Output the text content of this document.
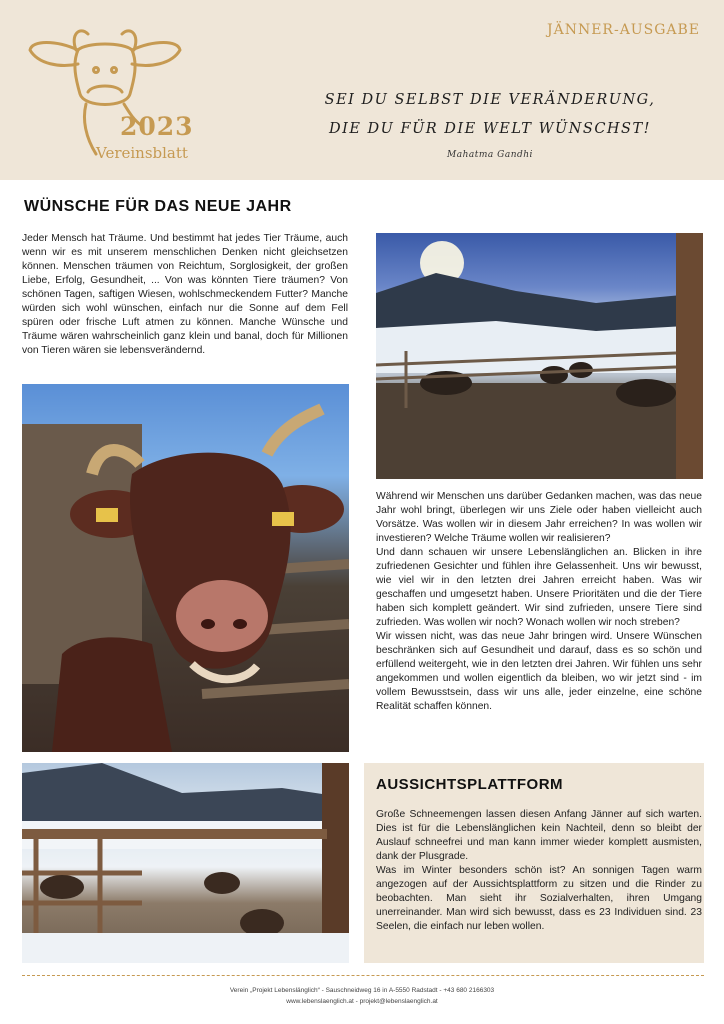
2023
Vereinsblatt
JÄNNER-AUSGABE
SEI DU SELBST DIE VERÄNDERUNG,
DIE DU FÜR DIE WELT WÜNSCHST!
Mahatma Gandhi
WÜNSCHE FÜR DAS NEUE JAHR
Jeder Mensch hat Träume. Und bestimmt hat jedes Tier Träume, auch wenn wir es mit unserem menschlichen Denken nicht gleichsetzen können. Menschen träumen von Reichtum, Sorglosigkeit, der großen Liebe, Erfolg, Gesundheit, ... Von was könnten Tiere träumen? Von schönen Tagen, saftigen Wiesen, wohlschmeckendem Futter? Manche würden sich wohl wünschen, einfach nur die Sonne auf dem Fell spüren oder frische Luft atmen zu können. Manche Wünsche und Träume wären wahrscheinlich ganz klein und banal, doch für Millionen von Tieren wären sie lebensverändernd.

Während wir Menschen uns darüber Gedanken machen, was das neue Jahr wohl bringt, überlegen wir uns Ziele oder haben vielleicht auch Vorsätze. Was wollen wir in diesem Jahr erreichen? In was wollen wir investieren? Welche Träume wollen wir realisieren?

Und dann schauen wir unsere Lebenslänglichen an. Blicken in ihre zufriedenen Gesichter und fühlen ihre Gelassenheit. Uns wir bewusst, wie viel wir in den letzten drei Jahren erreicht haben. Was wir geschaffen und umgesetzt haben. Unsere Prioritäten und die der Tiere haben sich komplett geändert. Wir sind zufrieden, unsere Tiere sind zufrieden. Was wollen wir noch? Wonach wollen wir noch streben?

Wir wissen nicht, was das neue Jahr bringen wird. Unsere Wünschen beschränken sich auf Gesundheit und darauf, dass es so schön und erfüllend weitergeht, wie in den letzten drei Jahren. Wir fühlen uns sehr angekommen und wollen eigentlich da bleiben, wo wir jetzt sind - im vollem Bewusstsein, dass wir uns alle, jeder einzelne, eine schöne Realität schaffen können.

AUSSICHTSPLATTFORM

Große Schneemengen lassen diesen Anfang Jänner auf sich warten. Dies ist für die Lebenslänglichen kein Nachteil, denn so bleibt der Auslauf schneefrei und man kann immer wieder komplett ausmisten, dank der Plusgrade.

Was im Winter besonders schön ist? An sonnigen Tagen warm angezogen auf der Aussichtsplattform zu sitzen und die Rinder zu beobachten. Man sieht ihr Sozialverhalten, ihren Umgang unerreinander. Man wird sich bewusst, dass es 23 Individuen sind. 23 Seelen, die einfach nur leben wollen.

Verein „Projekt Lebenslänglich“ - Sauschneidweg 16 in A-5550 Radstadt - +43 680 2166303
www.lebenslaenglich.at - projekt@lebenslaenglich.at
